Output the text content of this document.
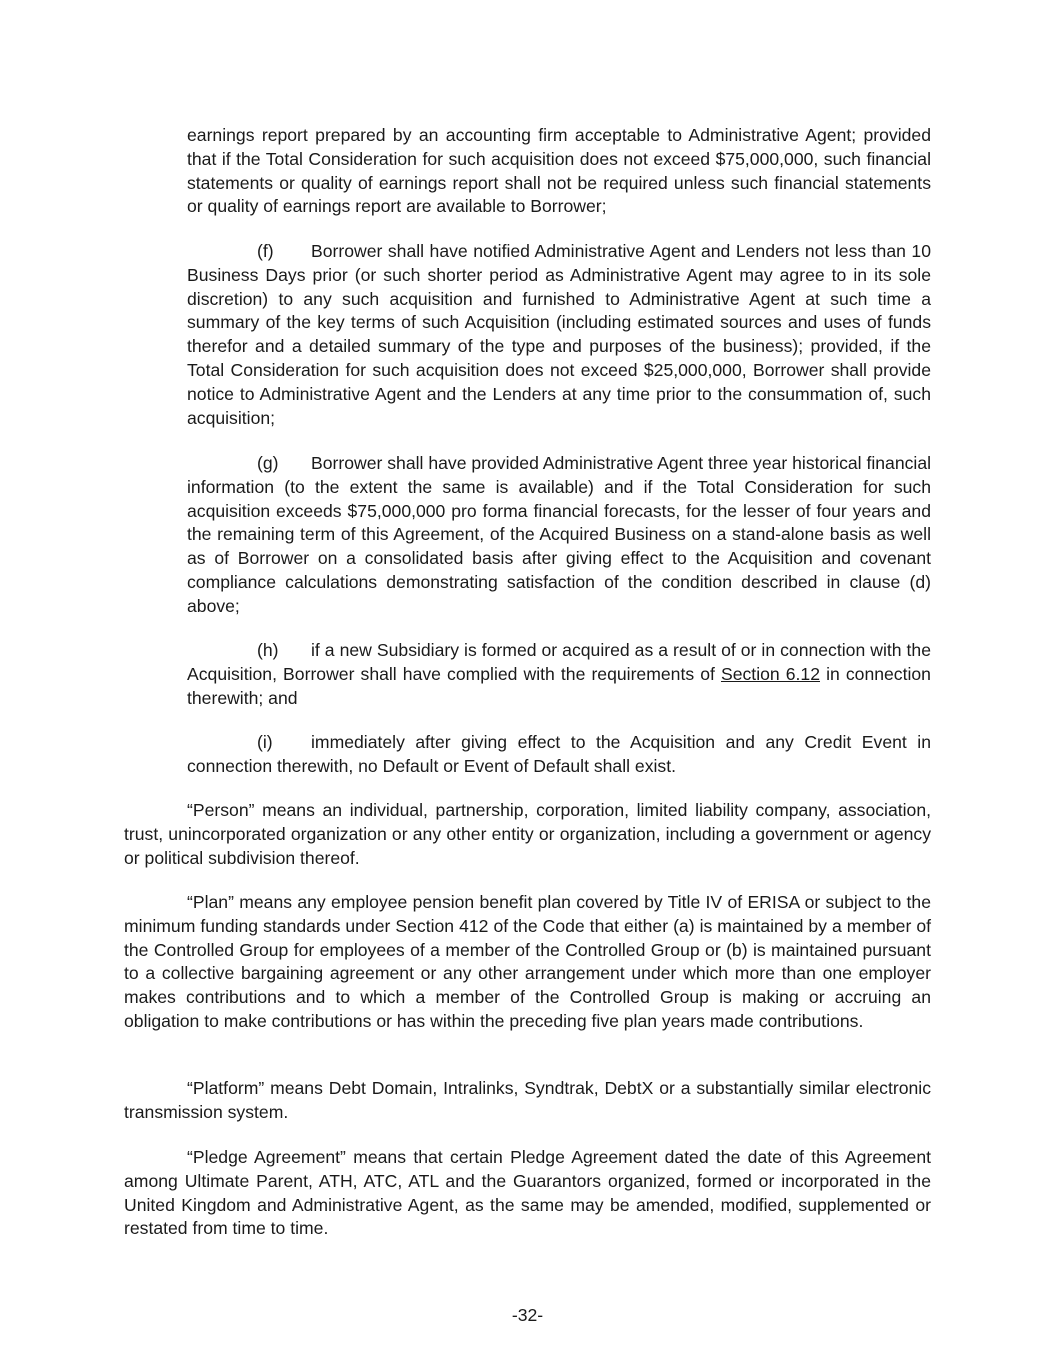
earnings report prepared by an accounting firm acceptable to Administrative Agent; provided that if the Total Consideration for such acquisition does not exceed $75,000,000, such financial statements or quality of earnings report shall not be required unless such financial statements or quality of earnings report are available to Borrower;

(f) Borrower shall have notified Administrative Agent and Lenders not less than 10 Business Days prior (or such shorter period as Administrative Agent may agree to in its sole discretion) to any such acquisition and furnished to Administrative Agent at such time a summary of the key terms of such Acquisition (including estimated sources and uses of funds therefor and a detailed summary of the type and purposes of the business); provided, if the Total Consideration for such acquisition does not exceed $25,000,000, Borrower shall provide notice to Administrative Agent and the Lenders at any time prior to the consummation of, such acquisition;

(g) Borrower shall have provided Administrative Agent three year historical financial information (to the extent the same is available) and if the Total Consideration for such acquisition exceeds $75,000,000 pro forma financial forecasts, for the lesser of four years and the remaining term of this Agreement, of the Acquired Business on a stand-alone basis as well as of Borrower on a consolidated basis after giving effect to the Acquisition and covenant compliance calculations demonstrating satisfaction of the condition described in clause (d) above;

(h) if a new Subsidiary is formed or acquired as a result of or in connection with the Acquisition, Borrower shall have complied with the requirements of Section 6.12 in connection therewith; and

(i) immediately after giving effect to the Acquisition and any Credit Event in connection therewith, no Default or Event of Default shall exist.

“Person” means an individual, partnership, corporation, limited liability company, association, trust, unincorporated organization or any other entity or organization, including a government or agency or political subdivision thereof.

“Plan” means any employee pension benefit plan covered by Title IV of ERISA or subject to the minimum funding standards under Section 412 of the Code that either (a) is maintained by a member of the Controlled Group for employees of a member of the Controlled Group or (b) is maintained pursuant to a collective bargaining agreement or any other arrangement under which more than one employer makes contributions and to which a member of the Controlled Group is making or accruing an obligation to make contributions or has within the preceding five plan years made contributions.

“Platform” means Debt Domain, Intralinks, Syndtrak, DebtX or a substantially similar electronic transmission system.

“Pledge Agreement” means that certain Pledge Agreement dated the date of this Agreement among Ultimate Parent, ATH, ATC, ATL and the Guarantors organized, formed or incorporated in the United Kingdom and Administrative Agent, as the same may be amended, modified, supplemented or restated from time to time.

-32-
